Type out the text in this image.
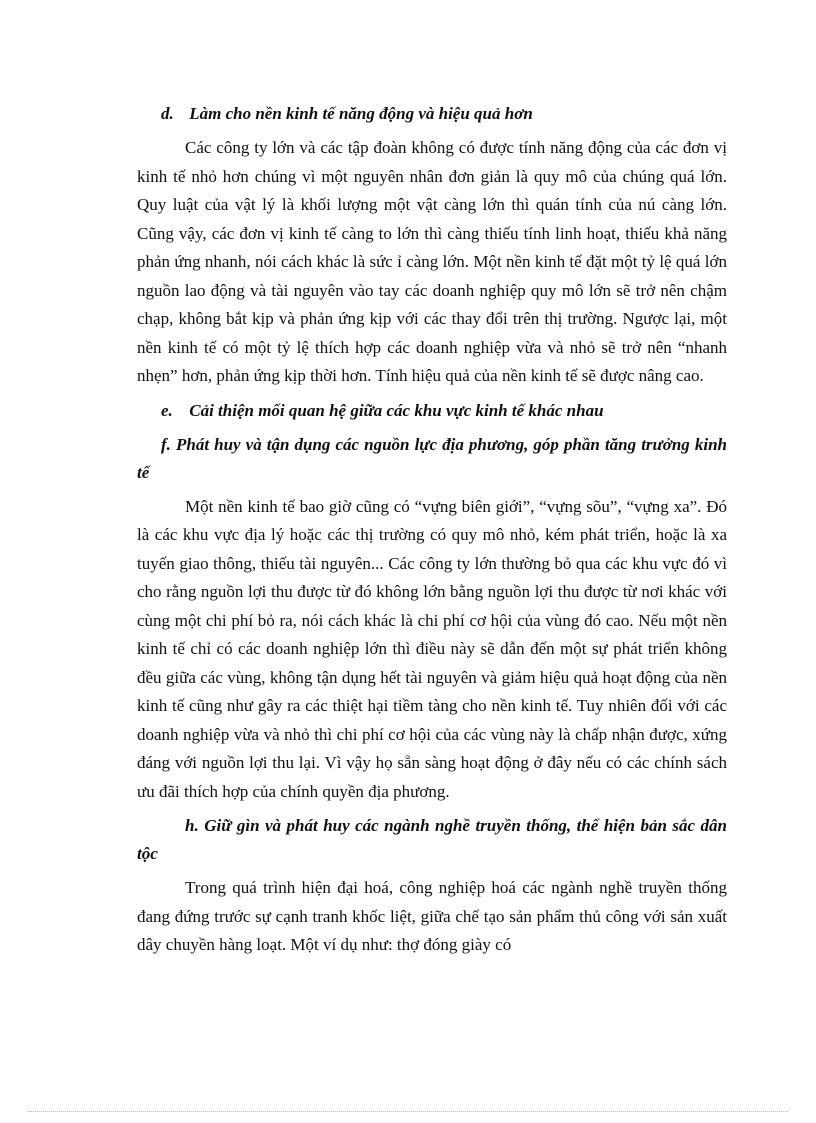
d. Làm cho nền kinh tế năng động và hiệu quả hơn

Các công ty lớn và các tập đoàn không có được tính năng động của các đơn vị kinh tế nhỏ hơn chúng vì một nguyên nhân đơn giản là quy mô của chúng quá lớn. Quy luật của vật lý là khối lượng một vật càng lớn thì quán tính của nú càng lớn. Cũng vậy, các đơn vị kinh tế càng to lớn thì càng thiếu tính linh hoạt, thiếu khả năng phản ứng nhanh, nói cách khác là sức ỉ càng lớn. Một nền kinh tế đặt một tỷ lệ quá lớn nguồn lao động và tài nguyên vào tay các doanh nghiệp quy mô lớn sẽ trở nên chậm chạp, không bắt kịp và phản ứng kịp với các thay đổi trên thị trường. Ngược lại, một nền kinh tế có một tỷ lệ thích hợp các doanh nghiệp vừa và nhỏ sẽ trở nên “nhanh nhẹn” hơn, phản ứng kịp thời hơn. Tính hiệu quả của nền kinh tế sẽ được nâng cao.

e. Cải thiện mối quan hệ giữa các khu vực kinh tế khác nhau

f. Phát huy và tận dụng các nguồn lực địa phương, góp phần tăng trưởng kinh tế

Một nền kinh tế bao giờ cũng có “vựng biên giới”, “vựng sõu”, “vựng xa”. Đó là các khu vực địa lý hoặc các thị trường có quy mô nhỏ, kém phát triển, hoặc là xa tuyến giao thông, thiếu tài nguyên... Các công ty lớn thường bỏ qua các khu vực đó vì cho rằng nguồn lợi thu được từ đó không lớn bằng nguồn lợi thu được từ nơi khác với cùng một chi phí bỏ ra, nói cách khác là chi phí cơ hội của vùng đó cao. Nếu một nền kinh tế chỉ có các doanh nghiệp lớn thì điều này sẽ dẫn đến một sự phát triển không đều giữa các vùng, không tận dụng hết tài nguyên và giảm hiệu quả hoạt động của nền kinh tế cũng như gây ra các thiệt hại tiềm tàng cho nền kinh tế. Tuy nhiên đối với các doanh nghiệp vừa và nhỏ thì chi phí cơ hội của các vùng này là chấp nhận được, xứng đáng với nguồn lợi thu lại. Vì vậy họ sẵn sàng hoạt động ở đây nếu có các chính sách ưu đãi thích hợp của chính quyền địa phương.

h. Giữ gìn và phát huy các ngành nghề truyền thống, thể hiện bản sắc dân tộc

Trong quá trình hiện đại hoá, công nghiệp hoá các ngành nghề truyền thống đang đứng trước sự cạnh tranh khốc liệt, giữa chế tạo sản phẩm thủ công với sản xuất dây chuyền hàng loạt. Một ví dụ như: thợ đóng giày có
